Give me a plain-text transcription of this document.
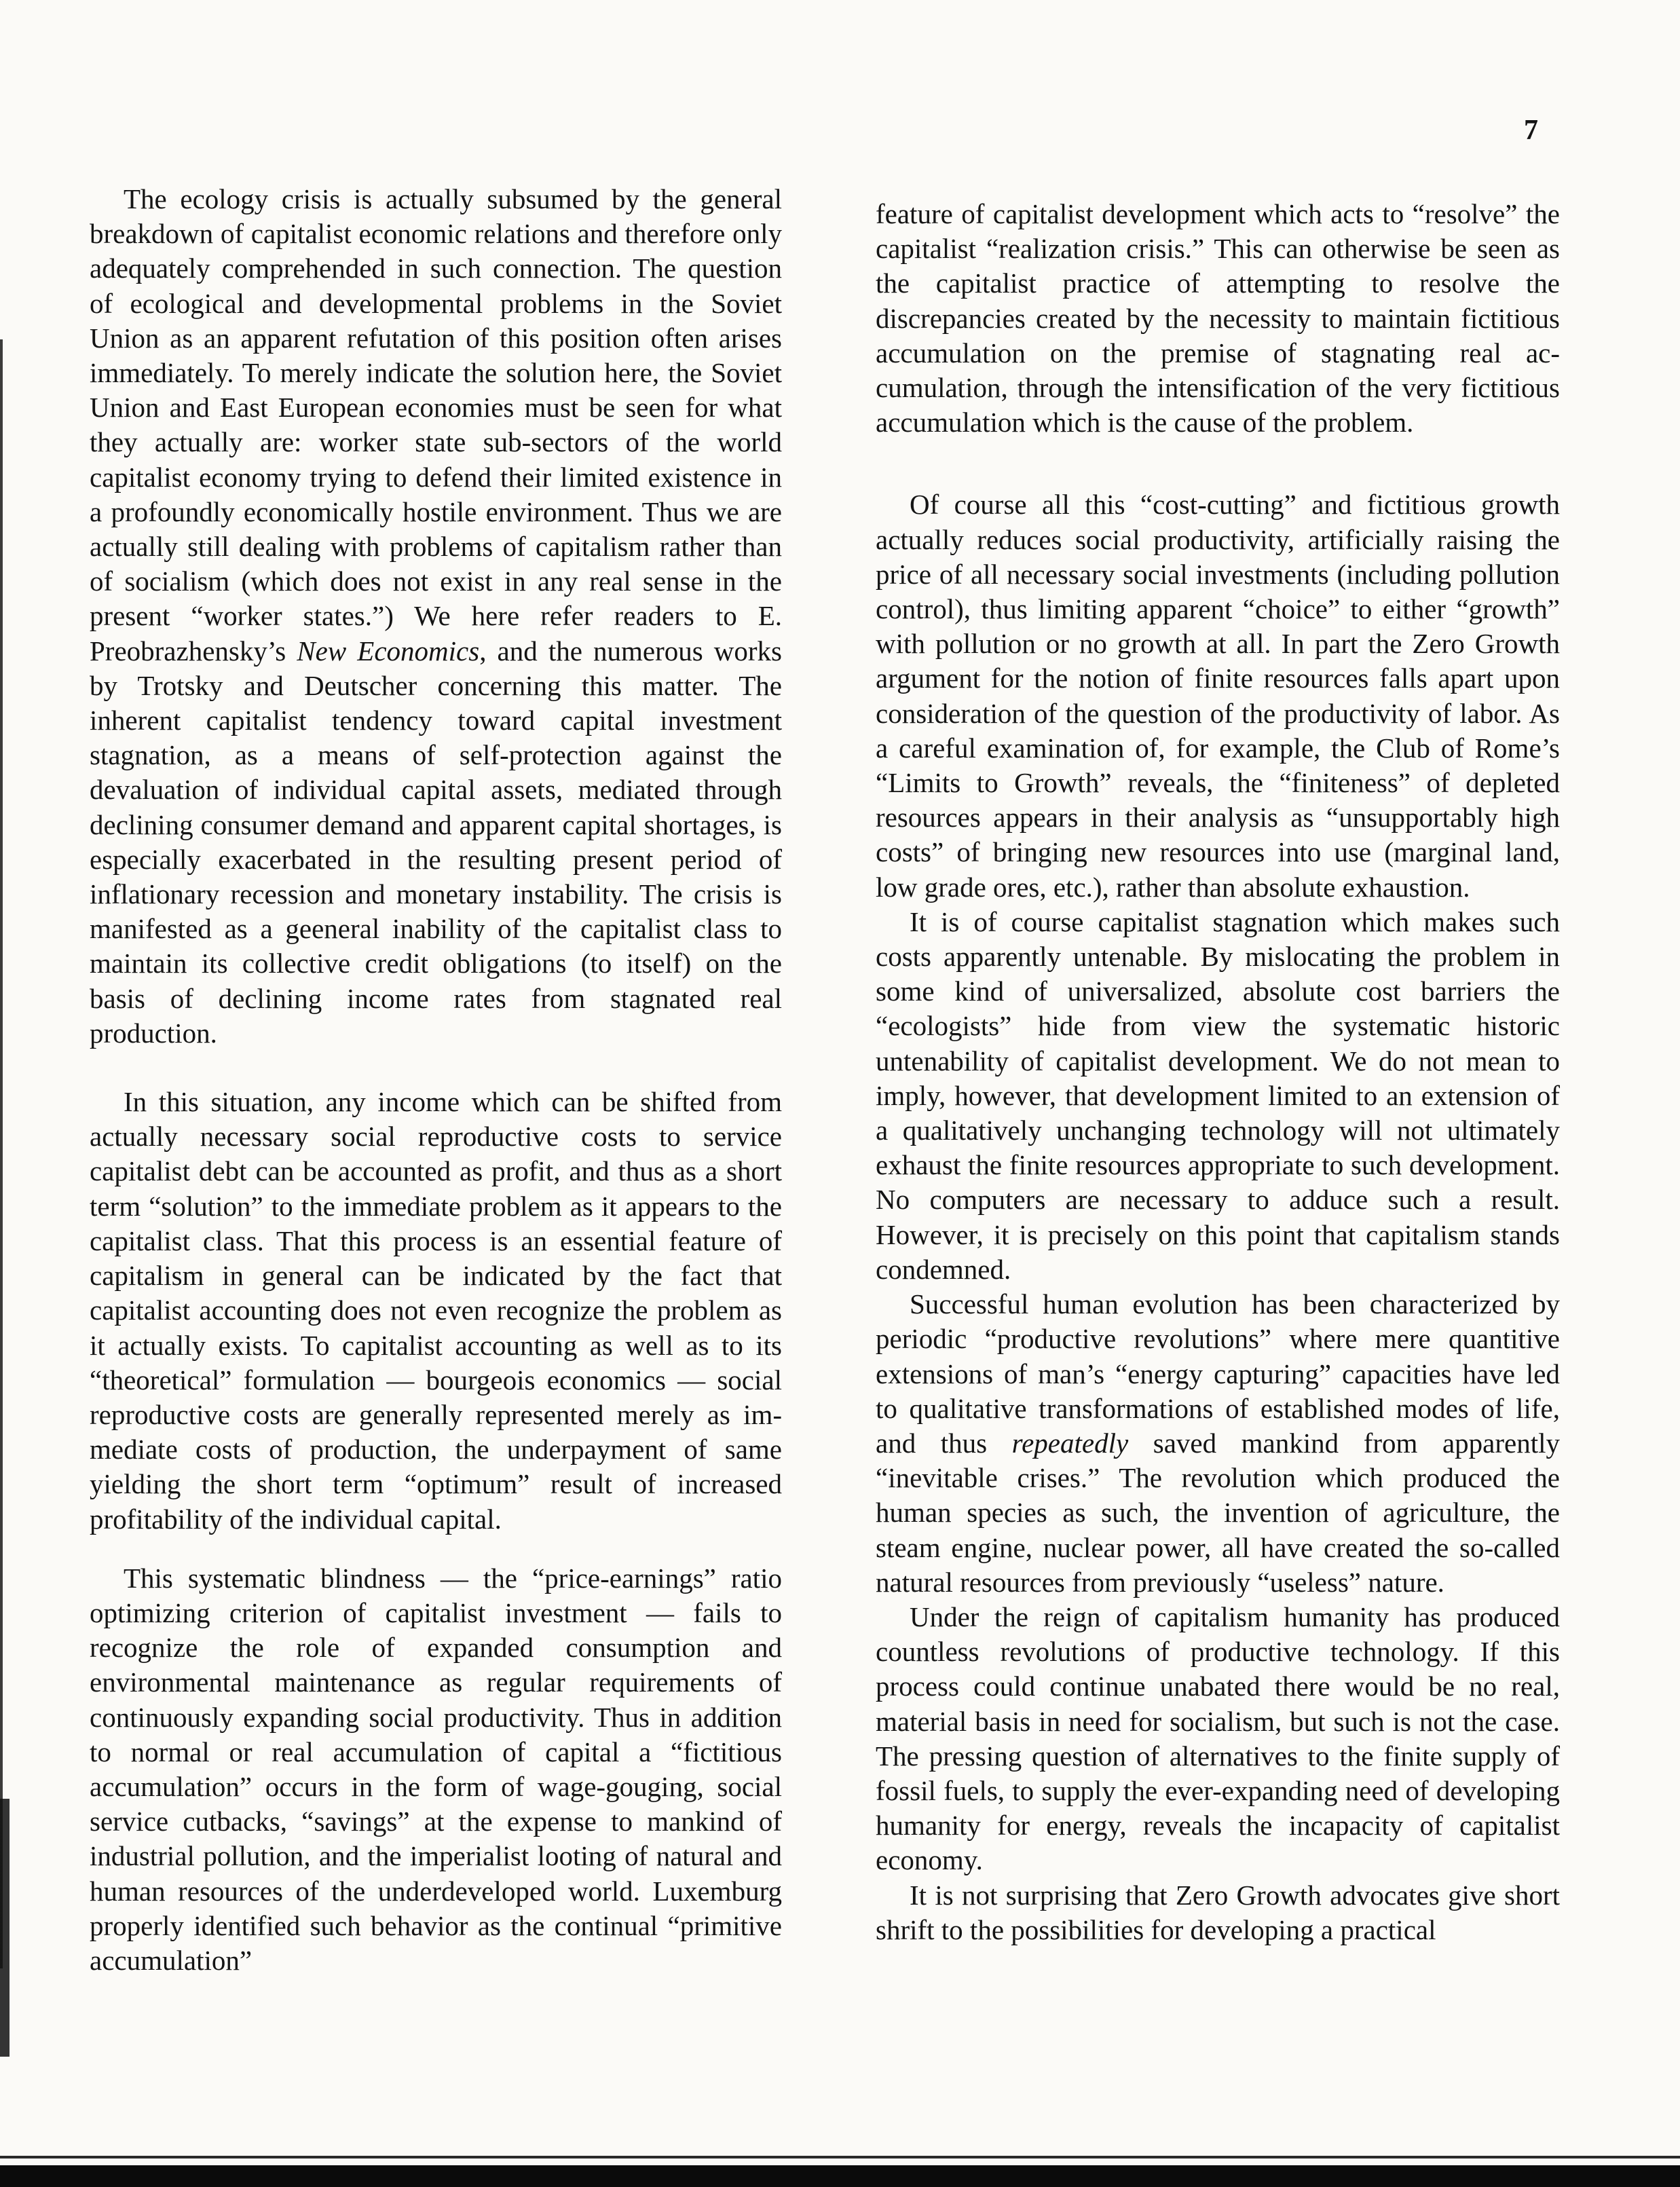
7

The ecology crisis is actually subsumed by the general breakdown of capitalist economic relations and therefore only adequately comprehended in such connection. The question of ecological and developmental problems in the Soviet Union as an apparent refutation of this position often arises immediately. To merely indicate the solution here, the Soviet Union and East European economies must be seen for what they actually are: worker state sub-sectors of the world capitalist economy trying to defend their limited existence in a profoundly economically hostile environment. Thus we are actually still dealing with problems of capitalism rather than of socialism (which does not exist in any real sense in the present “worker states.”) We here refer readers to E. Preobrazhensky’s New Economics, and the numerous works by Trotsky and Deutscher concerning this matter. The inherent capitalist tendency toward capital investment stagnation, as a means of self-protection against the devaluation of individual capital assets, mediated through declining consumer demand and apparent capital shortages, is especially exacerbated in the resulting present period of inflationary recession and monetary instability. The crisis is manifested as a geeneral inability of the capitalist class to maintain its collective credit obligations (to itself) on the basis of declining income rates from stagnated real production.

In this situation, any income which can be shifted from actually necessary social reproductive costs to service capitalist debt can be accounted as profit, and thus as a short term “solution” to the immediate problem as it appears to the capitalist class. That this process is an essential feature of capitalism in general can be indicated by the fact that capitalist accounting does not even recognize the problem as it actually exists. To capitalist accounting as well as to its “theoretical” formulation — bourgeois economics — social reproductive costs are generally represented merely as immediate costs of production, the underpayment of same yielding the short term “optimum” result of increased profitability of the individual capital.

This systematic blindness — the “price-earnings” ratio optimizing criterion of capitalist investment — fails to recognize the role of expanded consumption and environmental maintenance as regular requirements of continuously expanding social productivity. Thus in addition to normal or real accumulation of capital a “fictitious accumulation” occurs in the form of wage-gouging, social service cutbacks, “savings” at the expense to mankind of industrial pollution, and the imperialist looting of natural and human resources of the underdeveloped world. Luxemburg properly identified such behavior as the continual “primitive accumulation”

feature of capitalist development which acts to “resolve” the capitalist “realization crisis.” This can otherwise be seen as the capitalist practice of attempting to resolve the discrepancies created by the necessity to maintain fictitious accumulation on the premise of stagnating real accumulation, through the intensification of the very fictitious accumulation which is the cause of the problem.

Of course all this “cost-cutting” and fictitious growth actually reduces social productivity, artificially raising the price of all necessary social investments (including pollution control), thus limiting apparent “choice” to either “growth” with pollution or no growth at all. In part the Zero Growth argument for the notion of finite resources falls apart upon consideration of the question of the productivity of labor. As a careful examination of, for example, the Club of Rome’s “Limits to Growth” reveals, the “finiteness” of depleted resources appears in their analysis as “unsupportably high costs” of bringing new resources into use (marginal land, low grade ores, etc.), rather than absolute exhaustion.

It is of course capitalist stagnation which makes such costs apparently untenable. By mislocating the problem in some kind of universalized, absolute cost barriers the “ecologists” hide from view the systematic historic untenability of capitalist development. We do not mean to imply, however, that development limited to an extension of a qualitatively unchanging technology will not ultimately exhaust the finite resources appropriate to such development. No computers are necessary to adduce such a result. However, it is precisely on this point that capitalism stands condemned.

Successful human evolution has been characterized by periodic “productive revolutions” where mere quantitive extensions of man’s “energy capturing” capacities have led to qualitative transformations of established modes of life, and thus repeatedly saved mankind from apparently “inevitable crises.” The revolution which produced the human species as such, the invention of agriculture, the steam engine, nuclear power, all have created the so-called natural resources from previously “useless” nature.

Under the reign of capitalism humanity has produced countless revolutions of productive technology. If this process could continue unabated there would be no real, material basis in need for socialism, but such is not the case. The pressing question of alternatives to the finite supply of fossil fuels, to supply the ever-expanding need of developing humanity for energy, reveals the incapacity of capitalist economy.

It is not surprising that Zero Growth advocates give short shrift to the possibilities for developing a practical
